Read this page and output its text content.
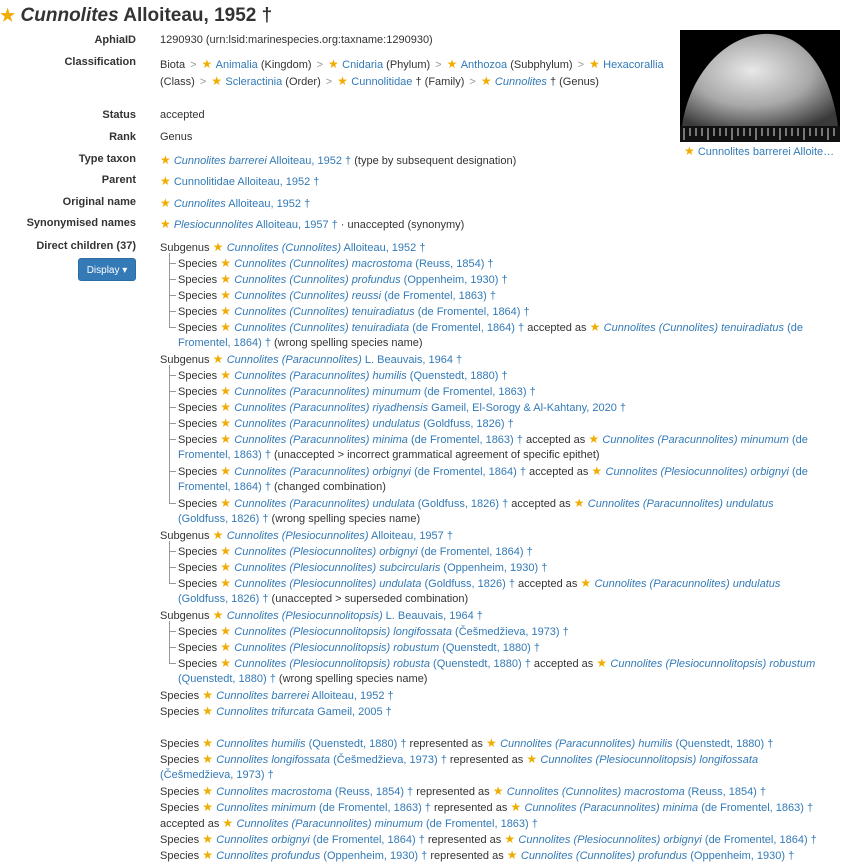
★ Cunnolites Alloiteau, 1952 †
AphiaID 1290930 (urn:lsid:marinespecies.org:taxname:1290930)
Classification Biota > ★ Animalia (Kingdom) > ★ Cnidaria (Phylum) > ★ Anthozoa (Subphylum) > ★ Hexacorallia (Class) > ★ Scleractinia (Order) > ★ Cunnolitidae † (Family) > ★ Cunnolites † (Genus)
Status accepted
Rank Genus
Type taxon ★ Cunnolites barrerei Alloiteau, 1952 † (type by subsequent designation)
Parent ★ Cunnolitidae Alloiteau, 1952 †
Original name ★ Cunnolites Alloiteau, 1952 †
Synonymised names ★ Plesiocunnolites Alloiteau, 1957 † · unaccepted (synonymy)
Direct children (37)
Display ▾
★ Cunnolites barrerei Alloite…
Subgenus ★ Cunnolites (Cunnolites) Alloiteau, 1952 †
Species ★ Cunnolites (Cunnolites) macrostoma (Reuss, 1854) †
Species ★ Cunnolites (Cunnolites) profundus (Oppenheim, 1930) †
Species ★ Cunnolites (Cunnolites) reussi (de Fromentel, 1863) †
Species ★ Cunnolites (Cunnolites) tenuiradiatus (de Fromentel, 1864) †
Species ★ Cunnolites (Cunnolites) tenuiradiata (de Fromentel, 1864) † accepted as ★ Cunnolites (Cunnolites) tenuiradiatus (de
Fromentel, 1864) † (wrong spelling species name)
Subgenus ★ Cunnolites (Paracunnolites) L. Beauvais, 1964 †
Species ★ Cunnolites (Paracunnolites) humilis (Quenstedt, 1880) †
Species ★ Cunnolites (Paracunnolites) minumum (de Fromentel, 1863) †
Species ★ Cunnolites (Paracunnolites) riyadhensis Gameil, El-Sorogy & Al-Kahtany, 2020 †
Species ★ Cunnolites (Paracunnolites) undulatus (Goldfuss, 1826) †
Species ★ Cunnolites (Paracunnolites) minima (de Fromentel, 1863) † accepted as ★ Cunnolites (Paracunnolites) minumum (de
Fromentel, 1863) † (unaccepted > incorrect grammatical agreement of specific epithet)
Species ★ Cunnolites (Paracunnolites) orbignyi (de Fromentel, 1864) † accepted as ★ Cunnolites (Plesiocunnolites) orbignyi (de
Fromentel, 1864) † (changed combination)
Species ★ Cunnolites (Paracunnolites) undulata (Goldfuss, 1826) † accepted as ★ Cunnolites (Paracunnolites) undulatus
(Goldfuss, 1826) † (wrong spelling species name)
Subgenus ★ Cunnolites (Plesiocunnolites) Alloiteau, 1957 †
Species ★ Cunnolites (Plesiocunnolites) orbignyi (de Fromentel, 1864) †
Species ★ Cunnolites (Plesiocunnolites) subcircularis (Oppenheim, 1930) †
Species ★ Cunnolites (Plesiocunnolites) undulata (Goldfuss, 1826) † accepted as ★ Cunnolites (Paracunnolites) undulatus
(Goldfuss, 1826) † (unaccepted > superseded combination)
Subgenus ★ Cunnolites (Plesiocunnolitopsis) L. Beauvais, 1964 †
Species ★ Cunnolites (Plesiocunnolitopsis) longifossata (Češmedžieva, 1973) †
Species ★ Cunnolites (Plesiocunnolitopsis) robustum (Quenstedt, 1880) †
Species ★ Cunnolites (Plesiocunnolitopsis) robusta (Quenstedt, 1880) † accepted as ★ Cunnolites (Plesiocunnolitopsis) robustum
(Quenstedt, 1880) † (wrong spelling species name)
Species ★ Cunnolites barrerei Alloiteau, 1952 †
Species ★ Cunnolites trifurcata Gameil, 2005 †
Species ★ Cunnolites humilis (Quenstedt, 1880) † represented as ★ Cunnolites (Paracunnolites) humilis (Quenstedt, 1880) †
Species ★ Cunnolites longifossata (Češmedžieva, 1973) † represented as ★ Cunnolites (Plesiocunnolitopsis) longifossata
(Češmedžieva, 1973) †
Species ★ Cunnolites macrostoma (Reuss, 1854) † represented as ★ Cunnolites (Cunnolites) macrostoma (Reuss, 1854) †
Species ★ Cunnolites minimum (de Fromentel, 1863) † represented as ★ Cunnolites (Paracunnolites) minima (de Fromentel, 1863) †
accepted as ★ Cunnolites (Paracunnolites) minumum (de Fromentel, 1863) †
Species ★ Cunnolites orbignyi (de Fromentel, 1864) † represented as ★ Cunnolites (Plesiocunnolites) orbignyi (de Fromentel, 1864) †
Species ★ Cunnolites profundus (Oppenheim, 1930) † represented as ★ Cunnolites (Cunnolites) profundus (Oppenheim, 1930) †
